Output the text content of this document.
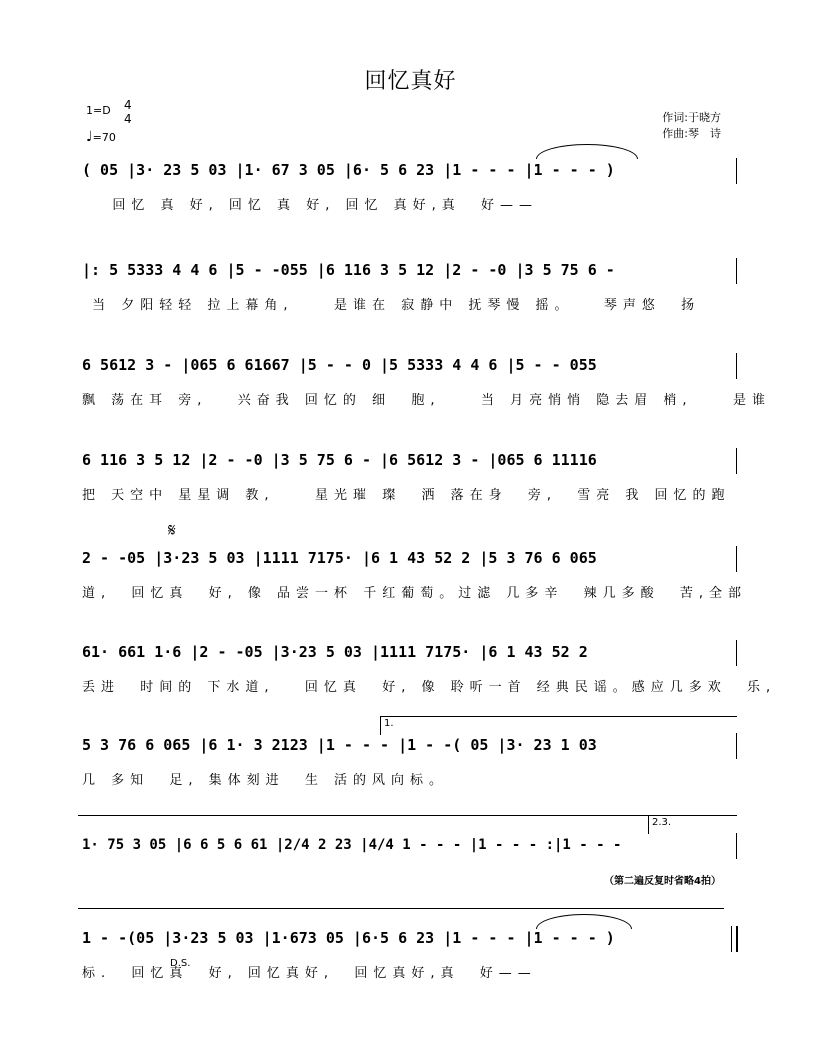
回忆真好
1=D 4
4
♩=70
作词:于晓方
作曲:琴　诗
( 05 |3· 23 5 03 |1· 67 3 05 |6· 5 6 23 |1 - - - |1 - - - )
回忆 真 好, 回忆 真 好, 回忆 真好,真  好——
|: 5 5333 4 4 6 |5 - -055 |6 116 3 5 12 |2 - -0 |3 5 75 6 -
当 夕阳轻轻 拉上幕角,    是谁在 寂静中 抚琴慢 摇。   琴声悠  扬
6 5612 3 - |065 6 61667 |5 - - 0 |5 5333 4 4 6 |5 - - 055
飘 荡在耳 旁,   兴奋我 回忆的 细  胞,    当 月亮悄悄 隐去眉 梢,    是谁
6 116 3 5 12 |2 - -0 |3 5 75 6 - |6 5612 3 - |065 6 11116
把 天空中 星星调 教,    星光璀 璨  洒 落在身  旁,  雪亮 我 回忆的跑
𝄋
2 - -05 |3·23 5 03 |1111 7175· |6 1 43 52 2 |5 3 76 6 065
道,  回忆真  好, 像 品尝一杯 千红葡萄。过滤 几多辛  辣几多酸  苦,全部
61· 661 1·6 |2 - -05 |3·23 5 03 |1111 7175· |6 1 43 52 2
丢进  时间的 下水道,   回忆真  好, 像 聆听一首 经典民谣。感应几多欢  乐,
1.
5 3 76 6 065 |6 1· 3 2123 |1 - - - |1 - -( 05 |3· 23 1 03
几 多知  足, 集体刻进  生 活的风向标。
2.3.
1· 75 3 05 |6 6 5 6 61 |2/4 2 23 |4/4 1 - - - |1 - - - :|1 - - -
（第二遍反复时省略4拍）
1 - -(05 |3·23 5 03 |1·673 05 |6·5 6 23 |1 - - - |1 - - - )
D.S.
标.  回忆真  好, 回忆真好,  回忆真好,真  好——
